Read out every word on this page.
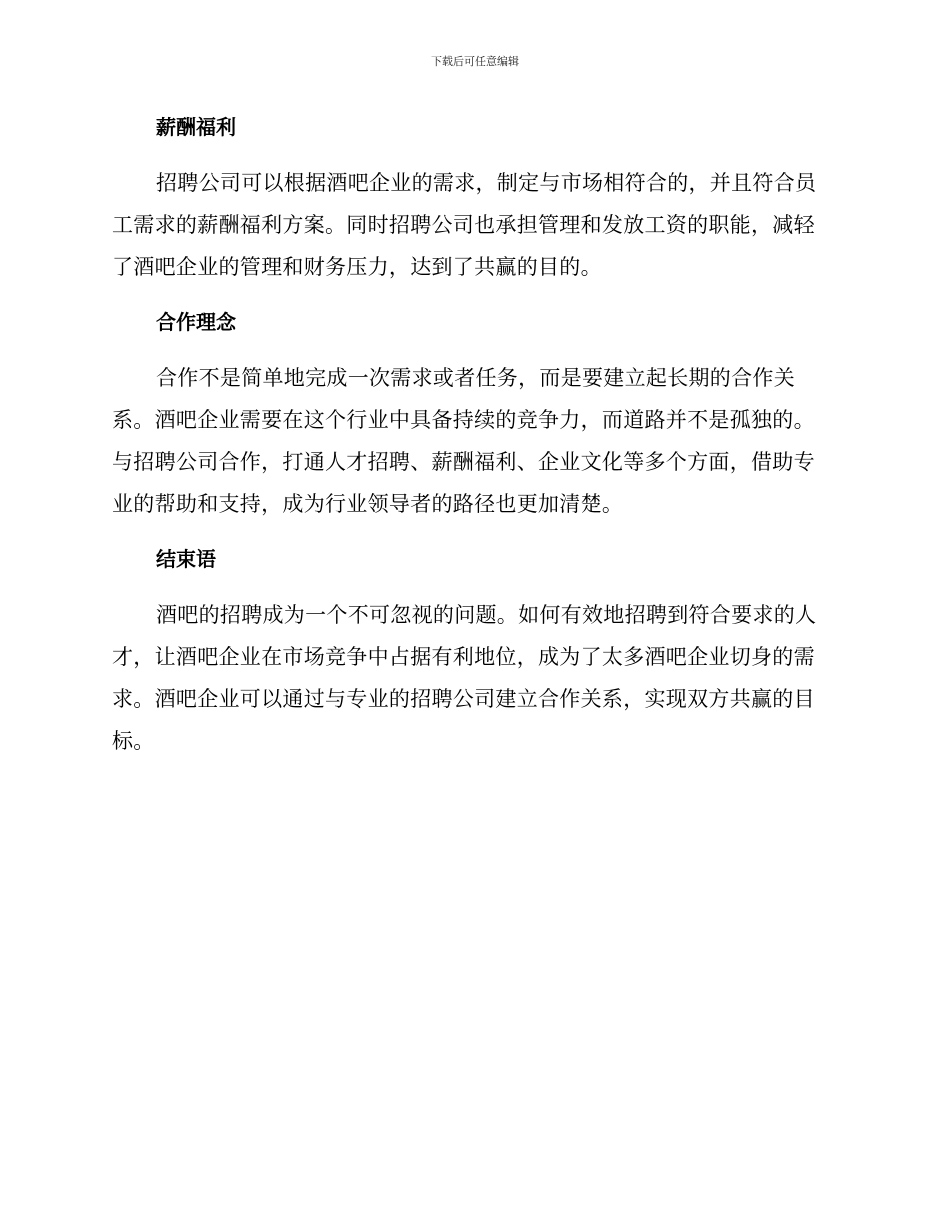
下载后可任意编辑
薪酬福利

招聘公司可以根据酒吧企业的需求，制定与市场相符合的，并且符合员工需求的薪酬福利方案。同时招聘公司也承担管理和发放工资的职能，减轻了酒吧企业的管理和财务压力，达到了共赢的目的。

合作理念

合作不是简单地完成一次需求或者任务，而是要建立起长期的合作关系。酒吧企业需要在这个行业中具备持续的竞争力，而道路并不是孤独的。与招聘公司合作，打通人才招聘、薪酬福利、企业文化等多个方面，借助专业的帮助和支持，成为行业领导者的路径也更加清楚。

结束语

酒吧的招聘成为一个不可忽视的问题。如何有效地招聘到符合要求的人才，让酒吧企业在市场竞争中占据有利地位，成为了太多酒吧企业切身的需求。酒吧企业可以通过与专业的招聘公司建立合作关系，实现双方共赢的目标。
